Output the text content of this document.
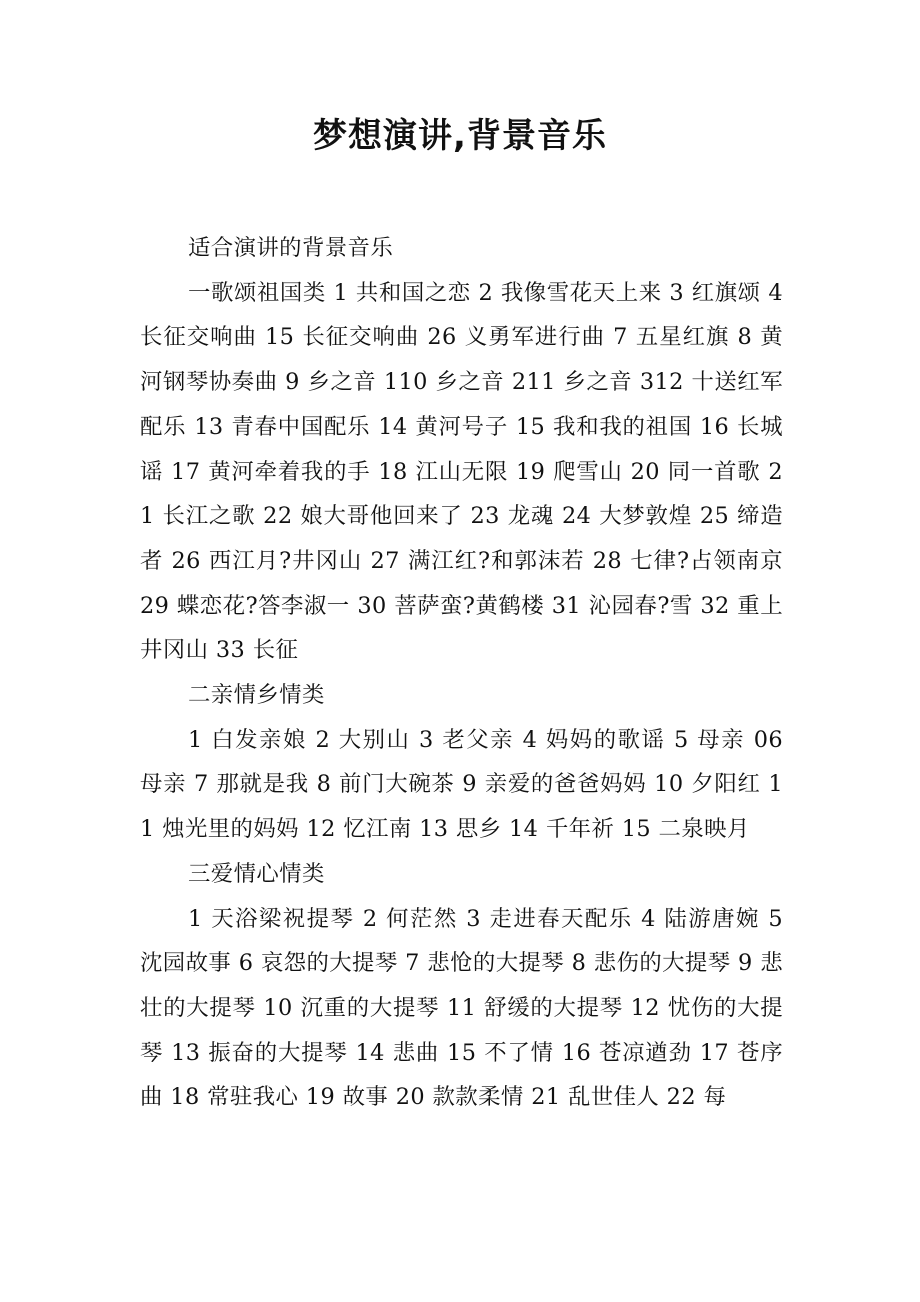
梦想演讲,背景音乐

适合演讲的背景音乐

一歌颂祖国类 1 共和国之恋 2 我像雪花天上来 3 红旗颂 4 长征交响曲 15 长征交响曲 26 义勇军进行曲 7 五星红旗 8 黄河钢琴协奏曲 9 乡之音 110 乡之音 211 乡之音 312 十送红军配乐 13 青春中国配乐 14 黄河号子 15 我和我的祖国 16 长城谣 17 黄河牵着我的手 18 江山无限 19 爬雪山 20 同一首歌 21 长江之歌 22 娘大哥他回来了 23 龙魂 24 大梦敦煌 25 缔造者 26 西江月?井冈山 27 满江红?和郭沫若 28 七律?占领南京 29 蝶恋花?答李淑一 30 菩萨蛮?黄鹤楼 31 沁园春?雪 32 重上井冈山 33 长征

二亲情乡情类

1 白发亲娘 2 大别山 3 老父亲 4 妈妈的歌谣 5 母亲 06 母亲 7 那就是我 8 前门大碗茶 9 亲爱的爸爸妈妈 10 夕阳红 11 烛光里的妈妈 12 忆江南 13 思乡 14 千年祈 15 二泉映月

三爱情心情类

1 天浴梁祝提琴 2 何茫然 3 走进春天配乐 4 陆游唐婉 5 沈园故事 6 哀怨的大提琴 7 悲怆的大提琴 8 悲伤的大提琴 9 悲壮的大提琴 10 沉重的大提琴 11 舒缓的大提琴 12 忧伤的大提琴 13 振奋的大提琴 14 悲曲 15 不了情 16 苍凉遒劲 17 苍序曲 18 常驻我心 19 故事 20 款款柔情 21 乱世佳人 22 每
